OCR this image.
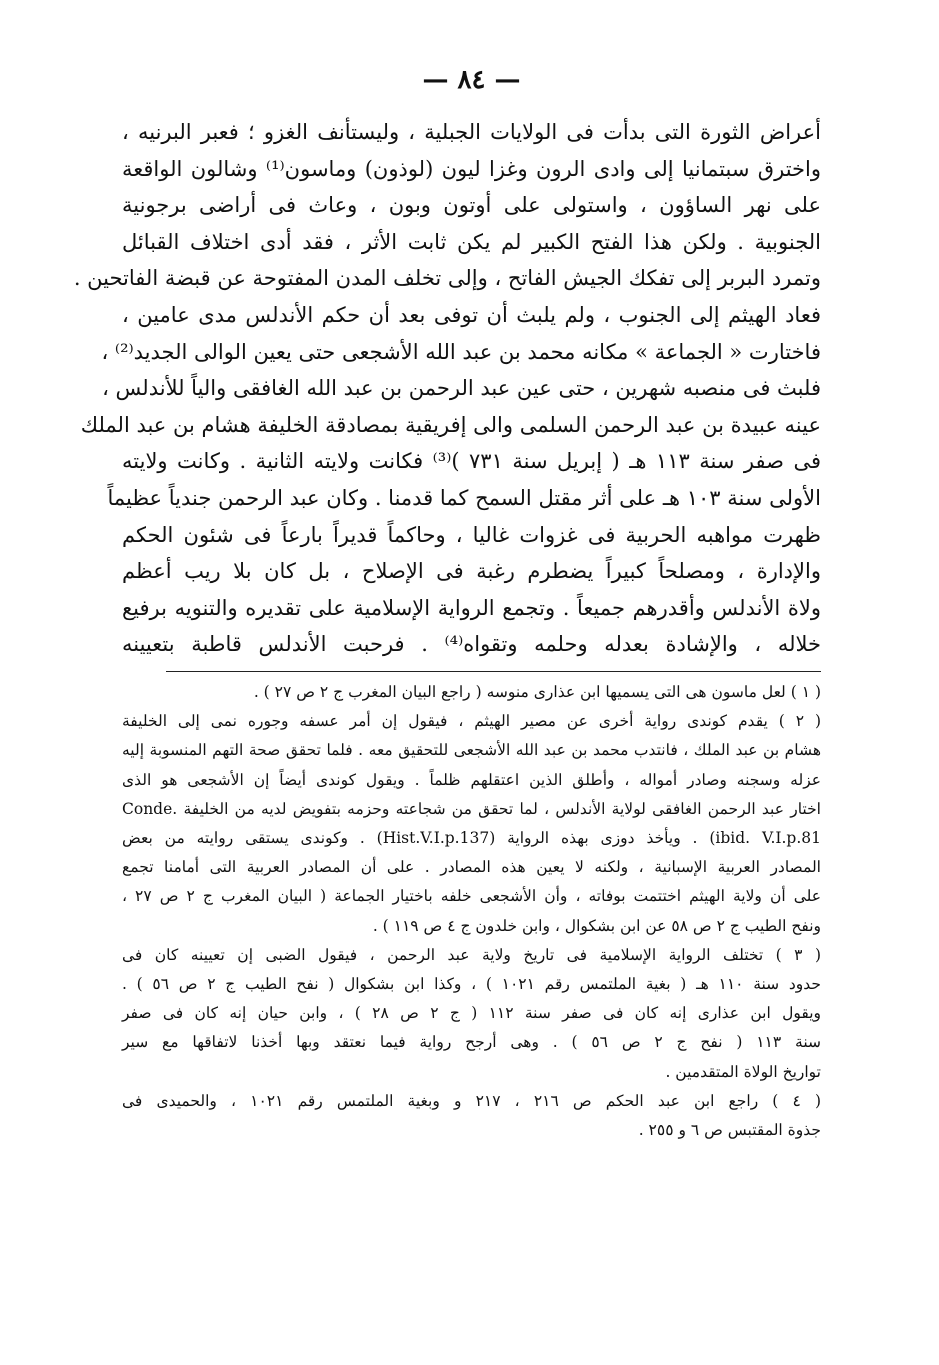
— ٨٤ —
أعراض الثورة التى بدأت فى الولايات الجبلية ، وليستأنف الغزو ؛ فعبر البرنيه ،
واخترق سبتمانيا إلى وادى الرون وغزا ليون (لوذون) وماسون⁽¹⁾ وشالون الواقعة
على نهر الساؤون ، واستولى على أوتون وبون ، وعاث فى أراضى برجونية
الجنوبية . ولكن هذا الفتح الكبير لم يكن ثابت الأثر ، فقد أدى اختلاف القبائل
وتمرد البربر إلى تفكك الجيش الفاتح ، وإلى تخلف المدن المفتوحة عن قبضة الفاتحين .
فعاد الهيثم إلى الجنوب ، ولم يلبث أن توفى بعد أن حكم الأندلس مدى عامين ،
فاختارت « الجماعة » مكانه محمد بن عبد الله الأشجعى حتى يعين الوالى الجديد⁽²⁾ ،
فلبث فى منصبه شهرين ، حتى عين عبد الرحمن بن عبد الله الغافقى والياً للأندلس ،
عينه عبيدة بن عبد الرحمن السلمى والى إفريقية بمصادقة الخليفة هشام بن عبد الملك
فى صفر سنة ١١٣ هـ ( إبريل سنة ٧٣١ )⁽³⁾ فكانت ولايته الثانية . وكانت ولايته
الأولى سنة ١٠٣ هـ على أثر مقتل السمح كما قدمنا . وكان عبد الرحمن جندياً عظيماً
ظهرت مواهبه الحربية فى غزوات غاليا ، وحاكماً قديراً بارعاً فى شئون الحكم
والإدارة ، ومصلحاً كبيراً يضطرم رغبة فى الإصلاح ، بل كان بلا ريب أعظم
ولاة الأندلس وأقدرهم جميعاً . وتجمع الرواية الإسلامية على تقديره والتنويه برفيع
خلاله ، والإشادة بعدله وحلمه وتقواه⁽⁴⁾ . فرحبت الأندلس قاطبة بتعيينه
( ١ ) لعل ماسون هى التى يسميها ابن عذارى منوسه ( راجع البيان المغرب ج ٢ ص ٢٧ ) .
( ٢ ) يقدم كوندى رواية أخرى عن مصير الهيثم ، فيقول إن أمر عسفه وجوره نمى إلى الخليفة
هشام بن عبد الملك ، فانتدب محمد بن عبد الله الأشجعى للتحقيق معه . فلما تحقق صحة التهم المنسوبة إليه
عزله وسجنه وصادر أمواله ، وأطلق الذين اعتقلهم ظلماً . ويقول كوندى أيضاً إن الأشجعى هو الذى
اختار عبد الرحمن الغافقى لولاية الأندلس ، لما تحقق من شجاعته وحزمه بتفويض لديه من الخليفة .Conde
ibid. V.I.p.81) . ويأخذ دوزى بهذه الرواية (Hist.V.I.p.137) . وكوندى يستقى روايته من بعض
المصادر العربية الإسبانية ، ولكنه لا يعين هذه المصادر . على أن المصادر العربية التى أمامنا تجمع
على أن ولاية الهيثم اختتمت بوفاته ، وأن الأشجعى خلفه باختيار الجماعة ( البيان المغرب ج ٢ ص ٢٧ ،
ونفح الطيب ج ٢ ص ٥٨ عن ابن بشكوال ، وابن خلدون ج ٤ ص ١١٩ ) .
( ٣ ) تختلف الرواية الإسلامية فى تاريخ ولاية عبد الرحمن ، فيقول الضبى إن تعيينه كان فى
حدود سنة ١١٠ هـ ( بغية الملتمس رقم ١٠٢١ ) ، وكذا ابن بشكوال ( نفح الطيب ج ٢ ص ٥٦ ) .
ويقول ابن عذارى إنه كان فى صفر سنة ١١٢ ( ج ٢ ص ٢٨ ) ، وابن حيان إنه كان فى صفر
سنة ١١٣ ( نفح ج ٢ ص ٥٦ ) . وهى أرجح رواية فيما نعتقد وبها أخذنا لاتفاقها مع سير
تواريخ الولاة المتقدمين .
( ٤ ) راجع ابن عبد الحكم ص ٢١٦ ، ٢١٧ و وبغية الملتمس رقم ١٠٢١ ، والحميدى فى
جذوة المقتبس ص ٦ و ٢٥٥ .
